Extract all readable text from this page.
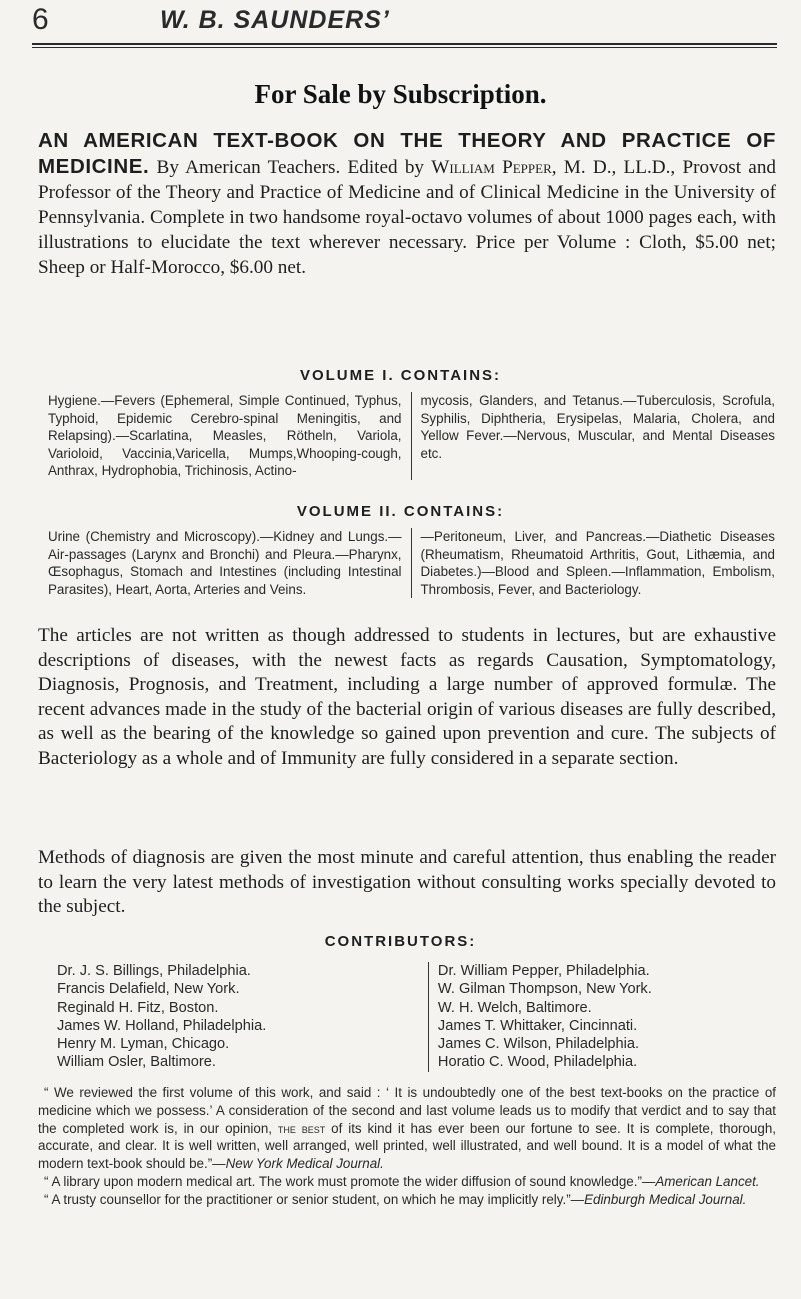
6	W. B. SAUNDERS’
For Sale by Subscription.

AN AMERICAN TEXT-BOOK ON THE THEORY AND PRACTICE OF MEDICINE. By American Teachers. Edited by William Pepper, M. D., LL.D., Provost and Professor of the Theory and Practice of Medicine and of Clinical Medicine in the University of Pennsylvania. Complete in two handsome royal-octavo volumes of about 1000 pages each, with illustrations to elucidate the text wherever necessary. Price per Volume : Cloth, $5.00 net; Sheep or Half-Morocco, $6.00 net.

VOLUME I. CONTAINS:

Hygiene.—Fevers (Ephemeral, Simple Continued, Typhus, Typhoid, Epidemic Cerebro-spinal Meningitis, and Relapsing).—Scarlatina, Measles, Rötheln, Variola, Varioloid, Vaccinia,Varicella, Mumps,Whooping-cough, Anthrax, Hydrophobia, Trichinosis, Actino-

mycosis, Glanders, and Tetanus.—Tuberculosis, Scrofula, Syphilis, Diphtheria, Erysipelas, Malaria, Cholera, and Yellow Fever.—Nervous, Muscular, and Mental Diseases etc.

VOLUME II. CONTAINS:

Urine (Chemistry and Microscopy).—Kidney and Lungs.—Air-passages (Larynx and Bronchi) and Pleura.—Pharynx, Œsophagus, Stomach and Intestines (including Intestinal Parasites), Heart, Aorta, Arteries and Veins.

—Peritoneum, Liver, and Pancreas.—Diathetic Diseases (Rheumatism, Rheumatoid Arthritis, Gout, Lithæmia, and Diabetes.)—Blood and Spleen.—Inflammation, Embolism, Thrombosis, Fever, and Bacteriology.

The articles are not written as though addressed to students in lectures, but are exhaustive descriptions of diseases, with the newest facts as regards Causation, Symptomatology, Diagnosis, Prognosis, and Treatment, including a large number of approved formulæ. The recent advances made in the study of the bacterial origin of various diseases are fully described, as well as the bearing of the knowledge so gained upon prevention and cure. The subjects of Bacteriology as a whole and of Immunity are fully considered in a separate section.

Methods of diagnosis are given the most minute and careful attention, thus enabling the reader to learn the very latest methods of investigation without consulting works specially devoted to the subject.

CONTRIBUTORS:
Dr. J. S. Billings, Philadelphia.
Francis Delafield, New York.
Reginald H. Fitz, Boston.
James W. Holland, Philadelphia.
Henry M. Lyman, Chicago.
William Osler, Baltimore.
Dr. William Pepper, Philadelphia.
W. Gilman Thompson, New York.
W. H. Welch, Baltimore.
James T. Whittaker, Cincinnati.
James C. Wilson, Philadelphia.
Horatio C. Wood, Philadelphia.

“ We reviewed the first volume of this work, and said : ‘ It is undoubtedly one of the best text-books on the practice of medicine which we possess.’ A consideration of the second and last volume leads us to modify that verdict and to say that the completed work is, in our opinion, the best of its kind it has ever been our fortune to see. It is complete, thorough, accurate, and clear. It is well written, well arranged, well printed, well illustrated, and well bound. It is a model of what the modern text-book should be.”—New York Medical Journal.

“ A library upon modern medical art. The work must promote the wider diffusion of sound knowledge.”—American Lancet.

“ A trusty counsellor for the practitioner or senior student, on which he may implicitly rely.”—Edinburgh Medical Journal.
